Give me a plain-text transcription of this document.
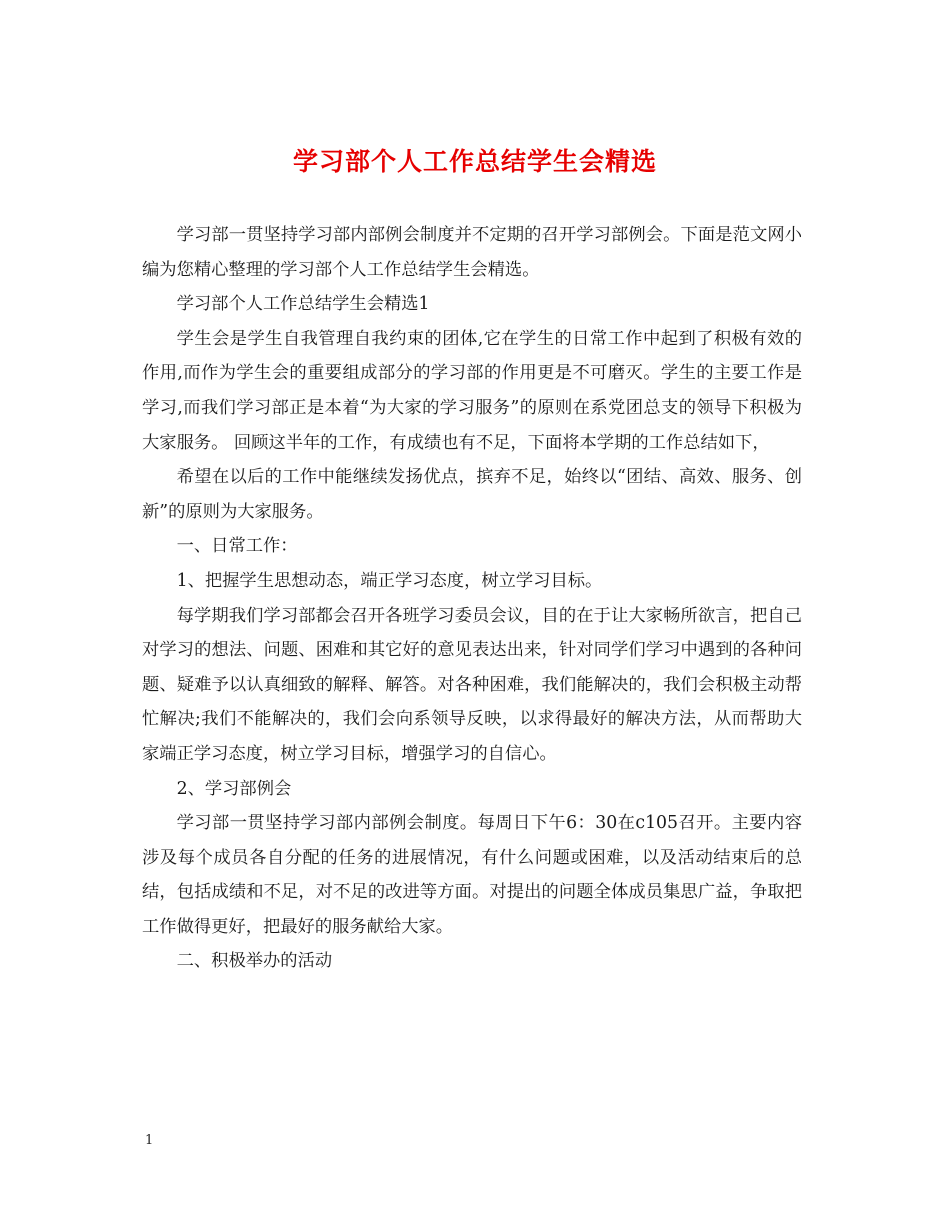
学习部个人工作总结学生会精选

学习部一贯坚持学习部内部例会制度并不定期的召开学习部例会。下面是范文网小编为您精心整理的学习部个人工作总结学生会精选。

学习部个人工作总结学生会精选1

学生会是学生自我管理自我约束的团体,它在学生的日常工作中起到了积极有效的作用,而作为学生会的重要组成部分的学习部的作用更是不可磨灭。学生的主要工作是学习,而我们学习部正是本着“为大家的学习服务”的原则在系党团总支的领导下积极为大家服务。 回顾这半年的工作，有成绩也有不足，下面将本学期的工作总结如下，

希望在以后的工作中能继续发扬优点，摈弃不足，始终以“团结、高效、服务、创新”的原则为大家服务。

一、日常工作：

1、把握学生思想动态，端正学习态度，树立学习目标。

每学期我们学习部都会召开各班学习委员会议，目的在于让大家畅所欲言，把自己对学习的想法、问题、困难和其它好的意见表达出来，针对同学们学习中遇到的各种问题、疑难予以认真细致的解释、解答。对各种困难，我们能解决的，我们会积极主动帮忙解决;我们不能解决的，我们会向系领导反映，以求得最好的解决方法，从而帮助大家端正学习态度，树立学习目标，增强学习的自信心。

2、学习部例会

学习部一贯坚持学习部内部例会制度。每周日下午6：30在c105召开。主要内容涉及每个成员各自分配的任务的进展情况，有什么问题或困难，以及活动结束后的总结，包括成绩和不足，对不足的改进等方面。对提出的问题全体成员集思广益，争取把工作做得更好，把最好的服务献给大家。

二、积极举办的活动

1
